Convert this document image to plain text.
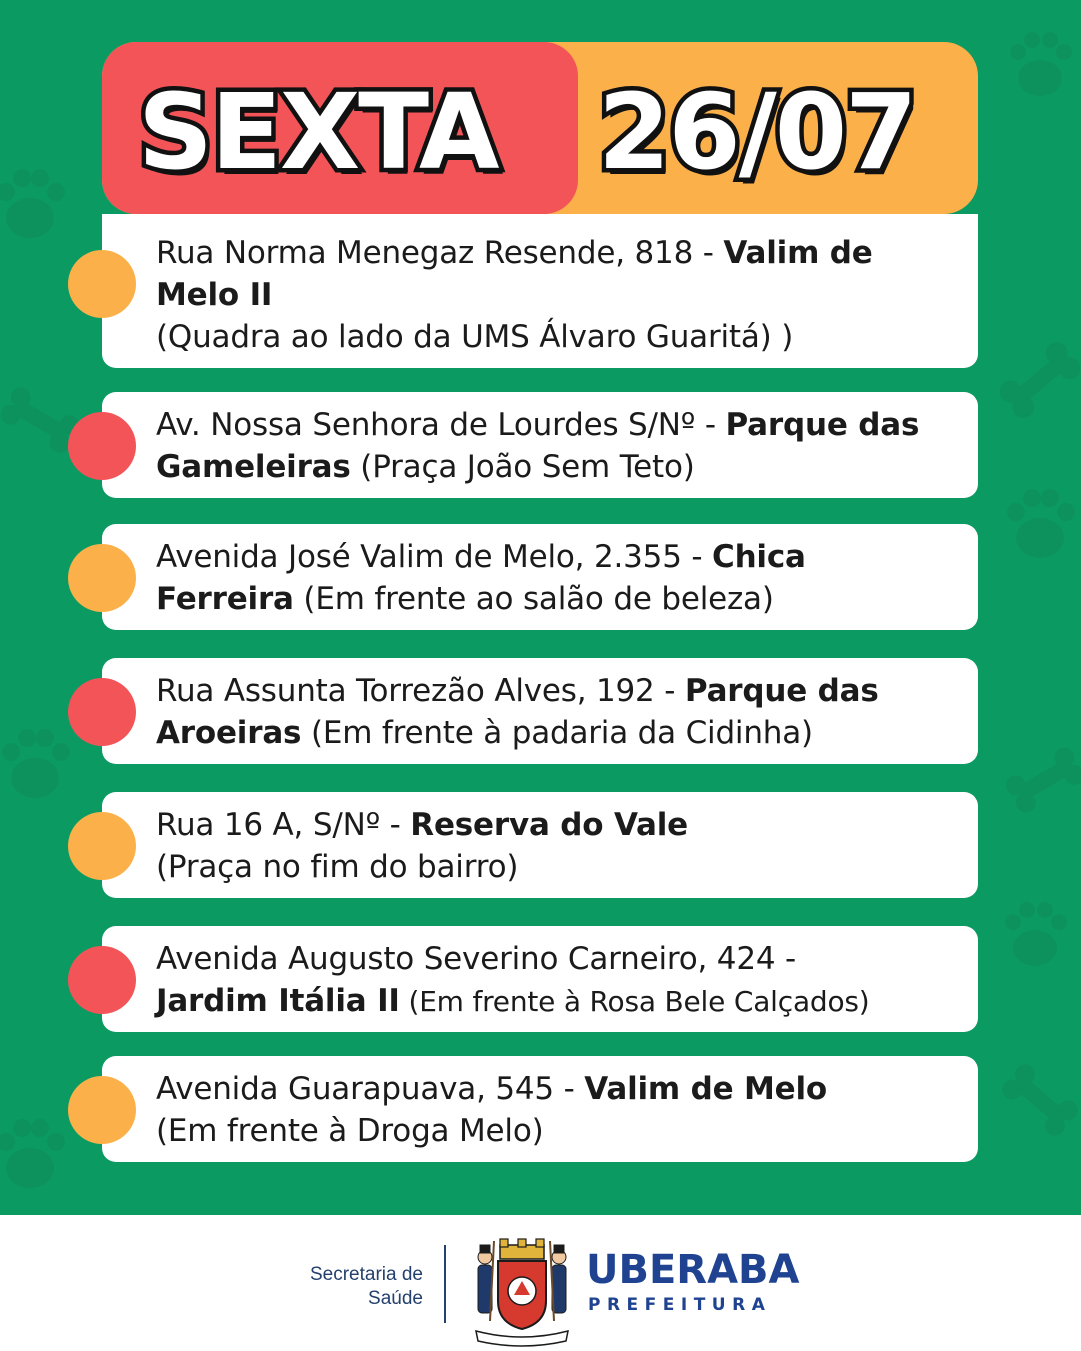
SEXTA 26/07
Rua Norma Menegaz Resende, 818 - Valim de Melo II
(Quadra ao lado da UMS Álvaro Guaritá) )
Av. Nossa Senhora de Lourdes S/Nº - Parque das Gameleiras (Praça João Sem Teto)
Avenida José Valim de Melo, 2.355 - Chica Ferreira (Em frente ao salão de beleza)
Rua Assunta Torrezão Alves, 192 - Parque das Aroeiras (Em frente à padaria da Cidinha)
Rua 16 A, S/Nº - Reserva do Vale
(Praça no fim do bairro)
Avenida Augusto Severino Carneiro, 424 -
Jardim Itália II (Em frente à Rosa Bele Calçados)
Avenida Guarapuava, 545 - Valim de Melo
(Em frente à Droga Melo)
Secretaria de
Saúde
UBERABA
PREFEITURA
